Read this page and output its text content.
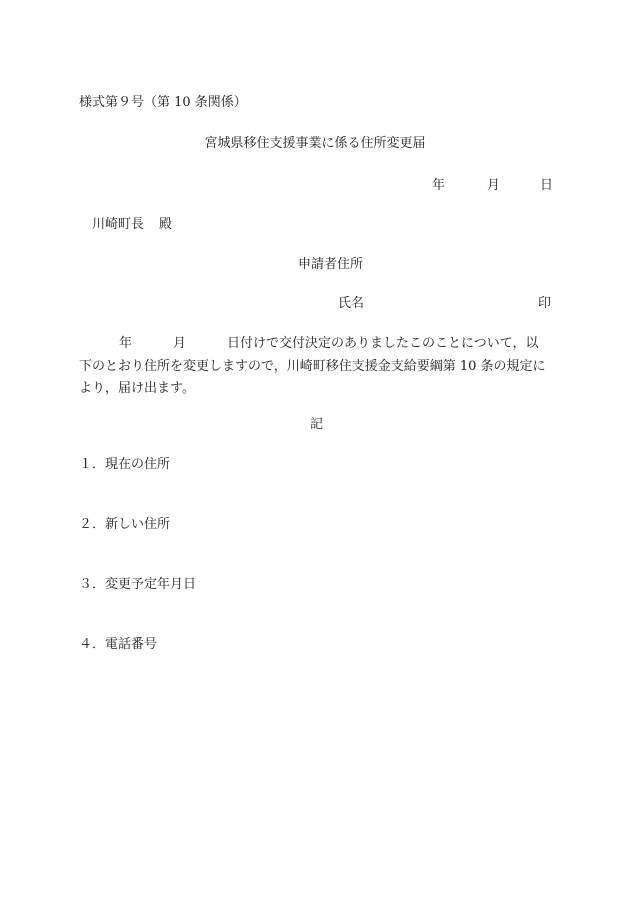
様式第９号（第 10 条関係）
宮城県移住支援事業に係る住所変更届
年	月	日
川崎町長 殿
申請者住所
氏名	印
年	月	日付けで交付決定のありましたこのことについて，以
下のとおり住所を変更しますので，川崎町移住支援金支給要綱第 10 条の規定に
より，届け出ます。
記
１．現在の住所
２．新しい住所
３．変更予定年月日
４．電話番号
